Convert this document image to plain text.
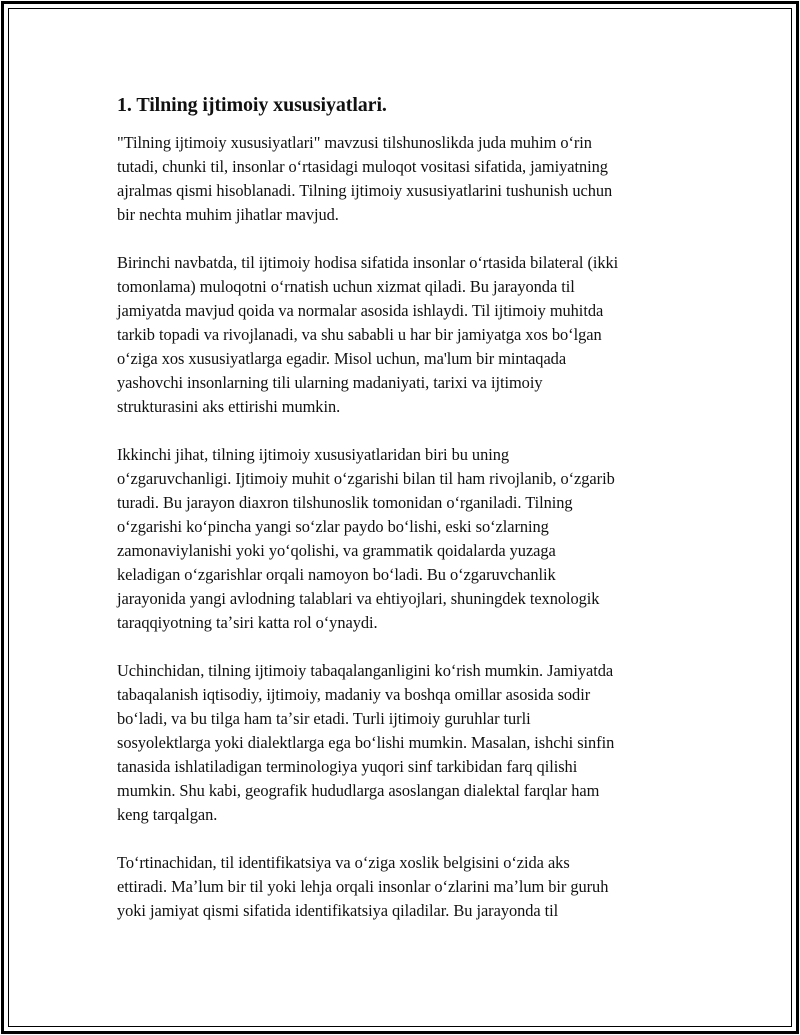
1. Tilning ijtimoiy xususiyatlari.

"Tilning ijtimoiy xususiyatlari" mavzusi tilshunoslikda juda muhim oʻrin
tutadi, chunki til, insonlar oʻrtasidagi muloqot vositasi sifatida, jamiyatning
ajralmas qismi hisoblanadi. Tilning ijtimoiy xususiyatlarini tushunish uchun
bir nechta muhim jihatlar mavjud.

Birinchi navbatda, til ijtimoiy hodisa sifatida insonlar oʻrtasida bilateral (ikki
tomonlama) muloqotni oʻrnatish uchun xizmat qiladi. Bu jarayonda til
jamiyatda mavjud qoida va normalar asosida ishlaydi. Til ijtimoiy muhitda
tarkib topadi va rivojlanadi, va shu sababli u har bir jamiyatga xos boʻlgan
oʻziga xos xususiyatlarga egadir. Misol uchun, ma'lum bir mintaqada
yashovchi insonlarning tili ularning madaniyati, tarixi va ijtimoiy
strukturasini aks ettirishi mumkin.

Ikkinchi jihat, tilning ijtimoiy xususiyatlaridan biri bu uning
oʻzgaruvchanligi. Ijtimoiy muhit oʻzgarishi bilan til ham rivojlanib, oʻzgarib
turadi. Bu jarayon diaxron tilshunoslik tomonidan oʻrganiladi. Tilning
oʻzgarishi koʻpincha yangi soʻzlar paydo boʻlishi, eski soʻzlarning
zamonaviylanishi yoki yoʻqolishi, va grammatik qoidalarda yuzaga
keladigan oʻzgarishlar orqali namoyon boʻladi. Bu oʻzgaruvchanlik
jarayonida yangi avlodning talablari va ehtiyojlari, shuningdek texnologik
taraqqiyotning taʼsiri katta rol oʻynaydi.

Uchinchidan, tilning ijtimoiy tabaqalanganligini koʻrish mumkin. Jamiyatda
tabaqalanish iqtisodiy, ijtimoiy, madaniy va boshqa omillar asosida sodir
boʻladi, va bu tilga ham taʼsir etadi. Turli ijtimoiy guruhlar turli
sosyolektlarga yoki dialektlarga ega boʻlishi mumkin. Masalan, ishchi sinfin
tanasida ishlatiladigan terminologiya yuqori sinf tarkibidan farq qilishi
mumkin. Shu kabi, geografik hududlarga asoslangan dialektal farqlar ham
keng tarqalgan.

Toʻrtinachidan, til identifikatsiya va oʻziga xoslik belgisini oʻzida aks
ettiradi. Maʼlum bir til yoki lehja orqali insonlar oʻzlarini maʼlum bir guruh
yoki jamiyat qismi sifatida identifikatsiya qiladilar. Bu jarayonda til
